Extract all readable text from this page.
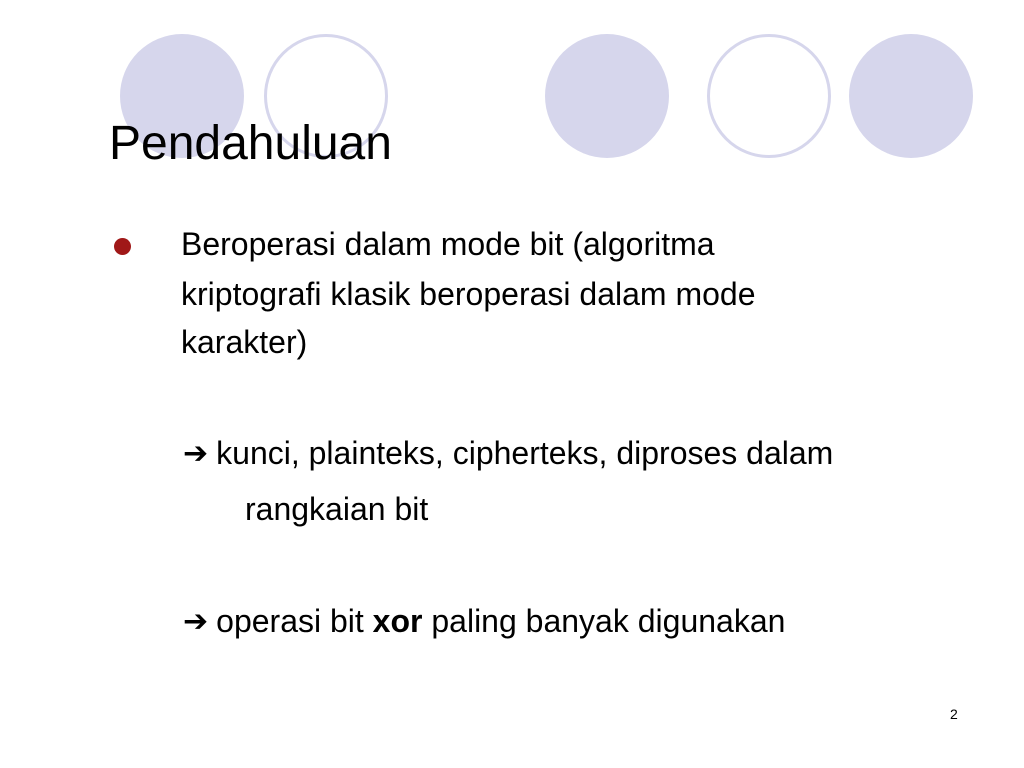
Pendahuluan

Beroperasi dalam mode bit (algoritma

kriptografi klasik beroperasi dalam mode

karakter)

➔ kunci, plainteks, cipherteks, diproses dalam

rangkaian bit

➔ operasi bit xor paling banyak digunakan

2
